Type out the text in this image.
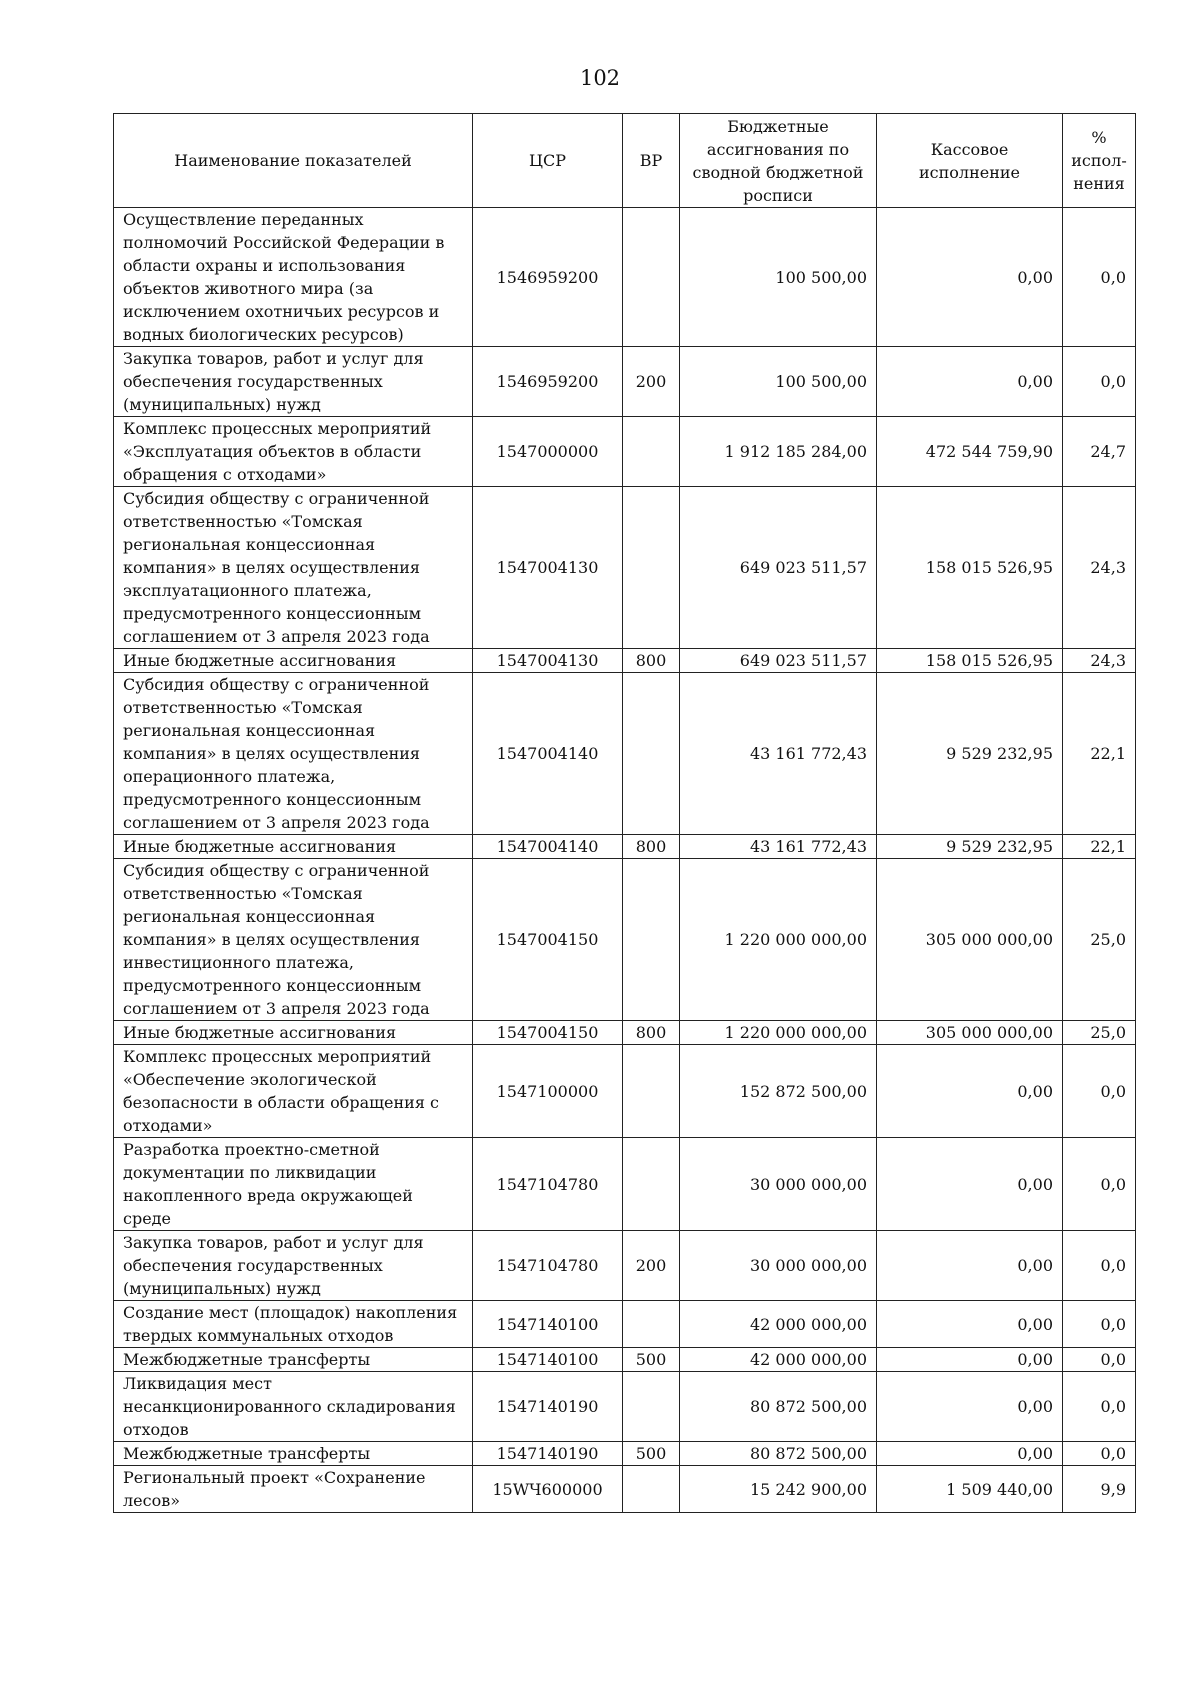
102
Наименование показателей	ЦСР	ВР	Бюджетные ассигнования по сводной бюджетной росписи	Кассовое исполнение	% испол-нения
Осуществление переданных полномочий Российской Федерации в области охраны и использования объектов животного мира (за исключением охотничьих ресурсов и водных биологических ресурсов)	1546959200		100 500,00	0,00	0,0
Закупка товаров, работ и услуг для обеспечения государственных (муниципальных) нужд	1546959200	200	100 500,00	0,00	0,0
Комплекс процессных мероприятий «Эксплуатация объектов в области обращения с отходами»	1547000000		1 912 185 284,00	472 544 759,90	24,7
Субсидия обществу с ограниченной ответственностью «Томская региональная концессионная компания» в целях осуществления эксплуатационного платежа, предусмотренного концессионным соглашением от 3 апреля 2023 года	1547004130		649 023 511,57	158 015 526,95	24,3
Иные бюджетные ассигнования	1547004130	800	649 023 511,57	158 015 526,95	24,3
Субсидия обществу с ограниченной ответственностью «Томская региональная концессионная компания» в целях осуществления операционного платежа, предусмотренного концессионным соглашением от 3 апреля 2023 года	1547004140		43 161 772,43	9 529 232,95	22,1
Иные бюджетные ассигнования	1547004140	800	43 161 772,43	9 529 232,95	22,1
Субсидия обществу с ограниченной ответственностью «Томская региональная концессионная компания» в целях осуществления инвестиционного платежа, предусмотренного концессионным соглашением от 3 апреля 2023 года	1547004150		1 220 000 000,00	305 000 000,00	25,0
Иные бюджетные ассигнования	1547004150	800	1 220 000 000,00	305 000 000,00	25,0
Комплекс процессных мероприятий «Обеспечение экологической безопасности в области обращения с отходами»	1547100000		152 872 500,00	0,00	0,0
Разработка проектно-сметной документации по ликвидации накопленного вреда окружающей среде	1547104780		30 000 000,00	0,00	0,0
Закупка товаров, работ и услуг для обеспечения государственных (муниципальных) нужд	1547104780	200	30 000 000,00	0,00	0,0
Создание мест (площадок) накопления твердых коммунальных отходов	1547140100		42 000 000,00	0,00	0,0
Межбюджетные трансферты	1547140100	500	42 000 000,00	0,00	0,0
Ликвидация мест несанкционированного складирования отходов	1547140190		80 872 500,00	0,00	0,0
Межбюджетные трансферты	1547140190	500	80 872 500,00	0,00	0,0
Региональный проект «Сохранение лесов»	15WЧ600000		15 242 900,00	1 509 440,00	9,9
